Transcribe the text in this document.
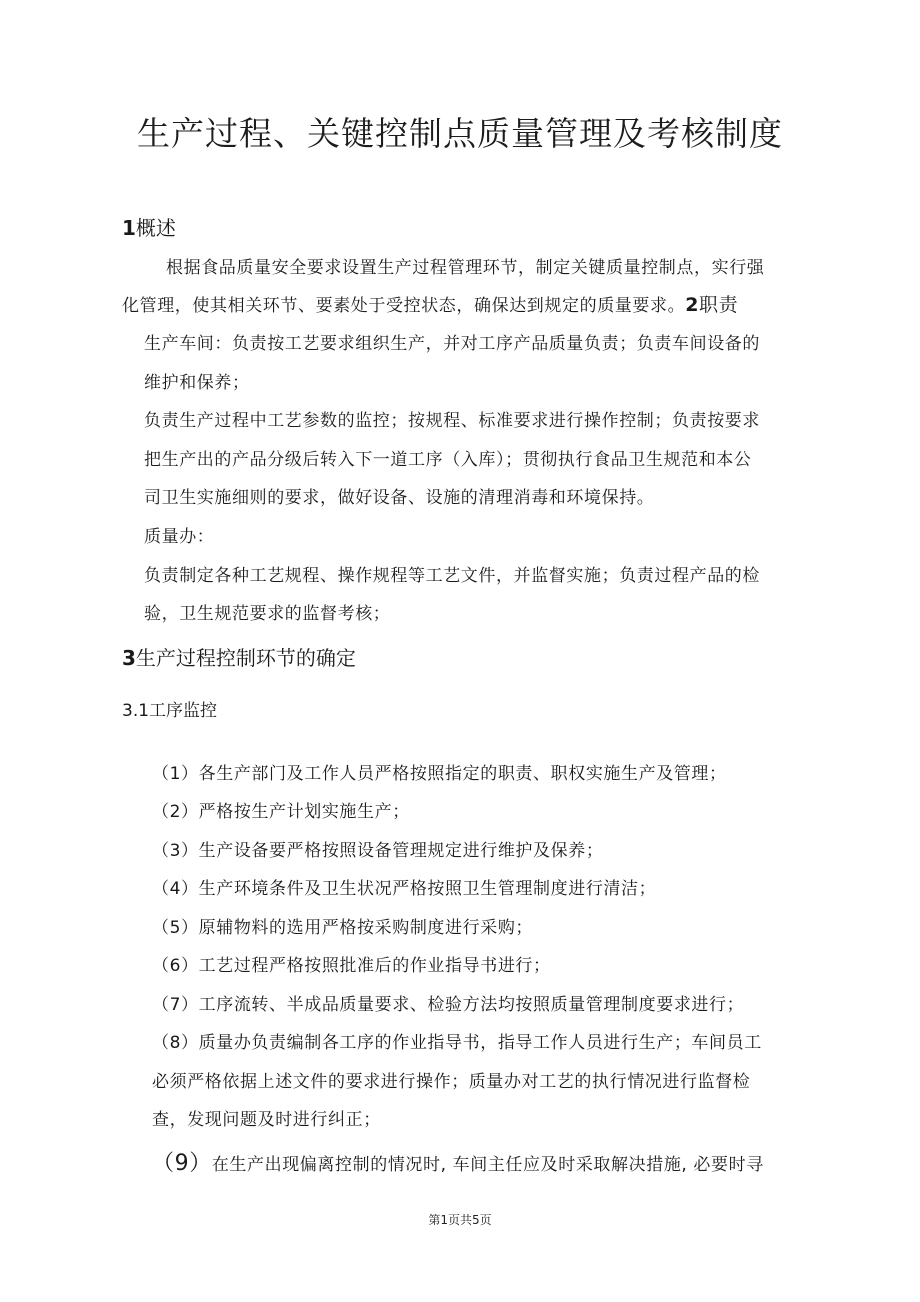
生产过程、关键控制点质量管理及考核制度
1概述
根据食品质量安全要求设置生产过程管理环节，制定关键质量控制点，实行强
化管理，使其相关环节、要素处于受控状态，确保达到规定的质量要求。2职责
生产车间：负责按工艺要求组织生产，并对工序产品质量负责；负责车间设备的
维护和保养；
负责生产过程中工艺参数的监控；按规程、标准要求进行操作控制；负责按要求
把生产出的产品分级后转入下一道工序（入库）；贯彻执行食品卫生规范和本公
司卫生实施细则的要求，做好设备、设施的清理消毒和环境保持。
质量办：
负责制定各种工艺规程、操作规程等工艺文件，并监督实施；负责过程产品的检
验，卫生规范要求的监督考核；
3生产过程控制环节的确定
3.1工序监控
（1）各生产部门及工作人员严格按照指定的职责、职权实施生产及管理；
（2）严格按生产计划实施生产；
（3）生产设备要严格按照设备管理规定进行维护及保养；
（4）生产环境条件及卫生状况严格按照卫生管理制度进行清洁；
（5）原辅物料的选用严格按采购制度进行采购；
（6）工艺过程严格按照批准后的作业指导书进行；
（7）工序流转、半成品质量要求、检验方法均按照质量管理制度要求进行；
（8）质量办负责编制各工序的作业指导书，指导工作人员进行生产；车间员工
必须严格依据上述文件的要求进行操作；质量办对工艺的执行情况进行监督检
查，发现问题及时进行纠正；
（9）在生产出现偏离控制的情况时, 车间主任应及时采取解决措施, 必要时寻
第1页共5页
